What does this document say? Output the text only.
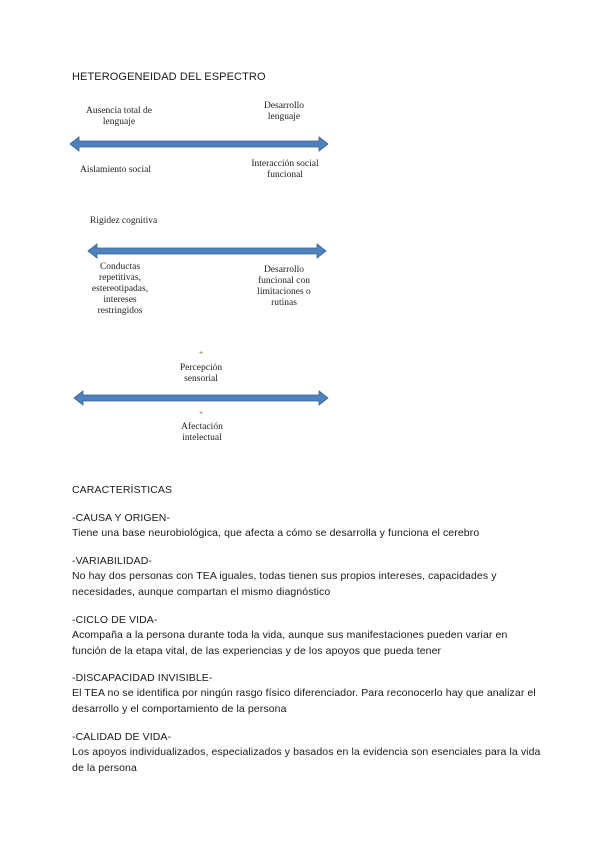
HETEROGENEIDAD DEL ESPECTRO
Ausencia total de lenguaje
Desarrollo lenguaje
Aislamiento social
Interacción social funcional
Rigidez cognitiva
Conductas repetitivas, estereotipadas, intereses restringidos
Desarrollo funcional con limitaciones o rutinas
+
Percepción sensorial
+
Afectación intelectual
CARACTERÍSTICAS
-CAUSA Y ORIGEN-
Tiene una base neurobiológica, que afecta a cómo se desarrolla y funciona el cerebro
-VARIABILIDAD-
No hay dos personas con TEA iguales, todas tienen sus propios intereses, capacidades y necesidades, aunque compartan el mismo diagnóstico
-CICLO DE VIDA-
Acompaña a la persona durante toda la vida, aunque sus manifestaciones pueden variar en función de la etapa vital, de las experiencias y de los apoyos que pueda tener
-DISCAPACIDAD INVISIBLE-
El TEA no se identifica por ningún rasgo físico diferenciador. Para reconocerlo hay que analizar el desarrollo y el comportamiento de la persona
-CALIDAD DE VIDA-
Los apoyos individualizados, especializados y basados en la evidencia son esenciales para la vida de la persona
